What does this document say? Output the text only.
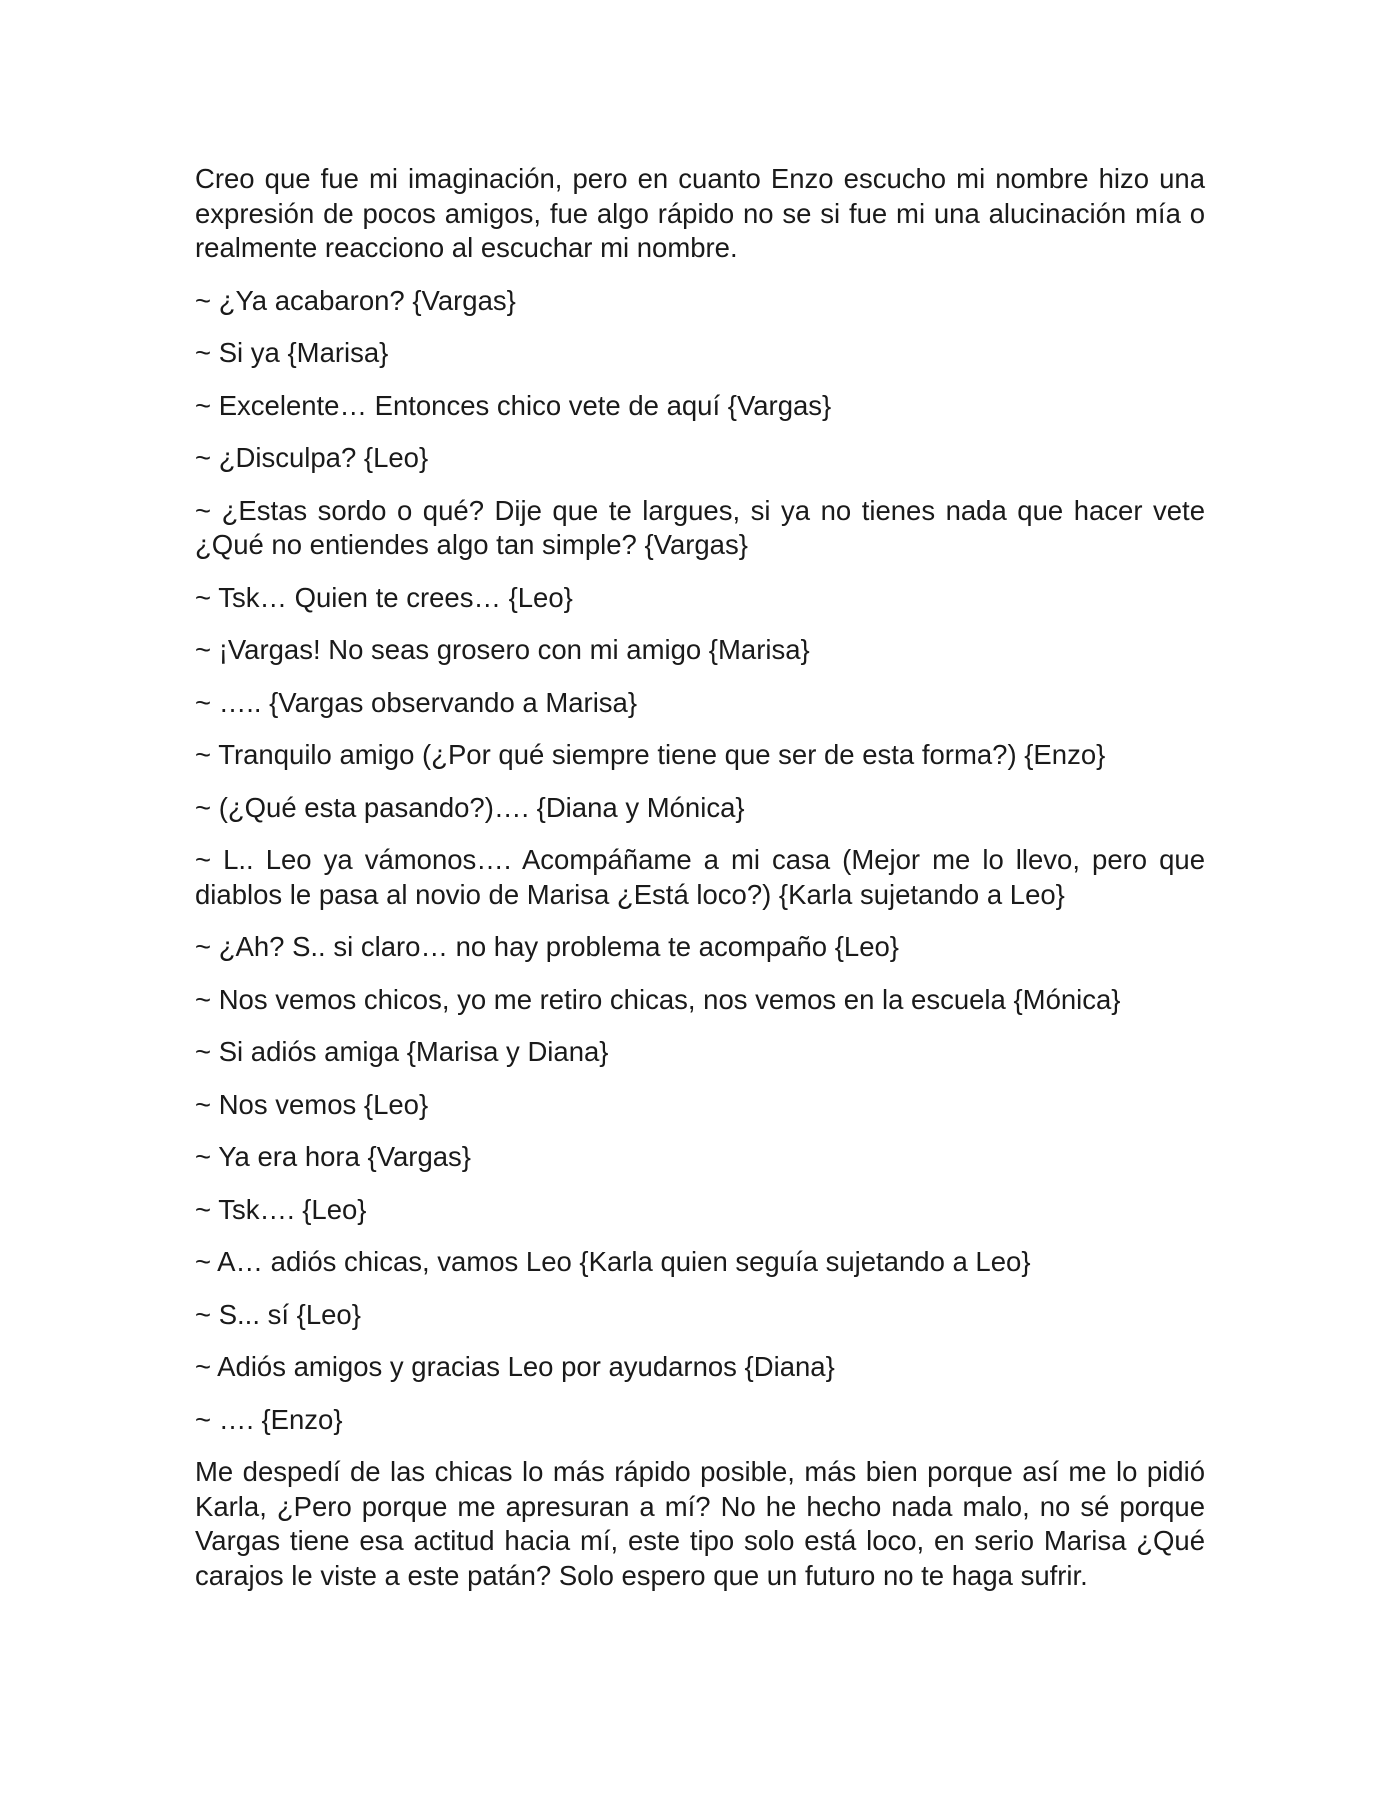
Creo que fue mi imaginación, pero en cuanto Enzo escucho mi nombre hizo una expresión de pocos amigos, fue algo rápido no se si fue mi una alucinación mía o realmente reacciono al escuchar mi nombre.

~ ¿Ya acabaron? {Vargas}

~ Si ya {Marisa}

~ Excelente… Entonces chico vete de aquí {Vargas}

~ ¿Disculpa? {Leo}

~ ¿Estas sordo o qué? Dije que te largues, si ya no tienes nada que hacer vete ¿Qué no entiendes algo tan simple? {Vargas}

~ Tsk… Quien te crees… {Leo}

~ ¡Vargas! No seas grosero con mi amigo {Marisa}

~ ….. {Vargas observando a Marisa}

~ Tranquilo amigo (¿Por qué siempre tiene que ser de esta forma?) {Enzo}

~ (¿Qué esta pasando?)…. {Diana y Mónica}

~ L.. Leo ya vámonos…. Acompáñame a mi casa (Mejor me lo llevo, pero que diablos le pasa al novio de Marisa ¿Está loco?) {Karla sujetando a Leo}

~ ¿Ah? S.. si claro… no hay problema te acompaño {Leo}

~ Nos vemos chicos, yo me retiro chicas, nos vemos en la escuela {Mónica}

~ Si adiós amiga {Marisa y Diana}

~ Nos vemos {Leo}

~ Ya era hora {Vargas}

~ Tsk…. {Leo}

~ A… adiós chicas, vamos Leo {Karla quien seguía sujetando a Leo}

~ S... sí {Leo}

~ Adiós amigos y gracias Leo por ayudarnos {Diana}

~ …. {Enzo}

Me despedí de las chicas lo más rápido posible, más bien porque así me lo pidió Karla, ¿Pero porque me apresuran a mí? No he hecho nada malo, no sé porque Vargas tiene esa actitud hacia mí, este tipo solo está loco, en serio Marisa ¿Qué carajos le viste a este patán? Solo espero que un futuro no te haga sufrir.
